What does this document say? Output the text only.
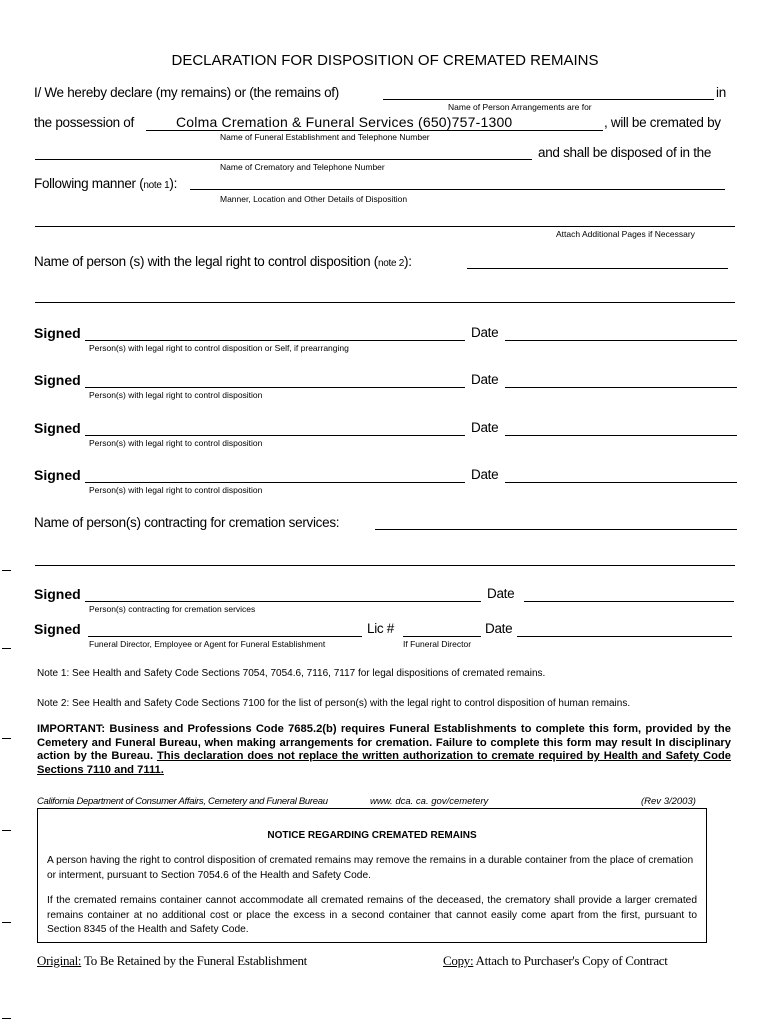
DECLARATION FOR DISPOSITION OF CREMATED REMAINS
I/ We hereby declare (my remains) or (the remains of)	in
Name of Person Arrangements are for
the possession of	Colma Cremation & Funeral Services (650)757-1300	, will be cremated by
Name of Funeral Establishment and Telephone Number
and shall be disposed of in the
Name of Crematory and Telephone Number
Following manner (note 1):
Manner, Location and Other Details of Disposition
Attach Additional Pages if Necessary
Name of person (s) with the legal right to control disposition (note 2):
Signed	Date
Person(s) with legal right to control disposition or Self, if prearranging
Signed	Date
Person(s) with legal right to control disposition
Signed	Date
Person(s) with legal right to control disposition
Signed	Date
Person(s) with legal right to control disposition
Name of person(s) contracting for cremation services:
Signed	Date
Person(s) contracting for cremation services
Signed	Lic #	Date
Funeral Director, Employee or Agent for Funeral Establishment	If Funeral Director
Note 1: See Health and Safety Code Sections 7054, 7054.6, 7116, 7117 for legal dispositions of cremated remains.
Note 2: See Health and Safety Code Sections 7100 for the list of person(s) with the legal right to control disposition of human remains.
IMPORTANT: Business and Professions Code 7685.2(b) requires Funeral Establishments to complete this form, provided by the Cemetery and Funeral Bureau, when making arrangements for cremation. Failure to complete this form may result In disciplinary action by the Bureau. This declaration does not replace the written authorization to cremate required by Health and Safety Code Sections 7110 and 7111.
California Department of Consumer Affairs, Cemetery and Funeral Bureau	www. dca. ca. gov/cemetery	(Rev 3/2003)
NOTICE REGARDING CREMATED REMAINS
A person having the right to control disposition of cremated remains may remove the remains in a durable container from the place of cremation or interment, pursuant to Section 7054.6 of the Health and Safety Code.
If the cremated remains container cannot accommodate all cremated remains of the deceased, the crematory shall provide a larger cremated remains container at no additional cost or place the excess in a second container that cannot easily come apart from the first, pursuant to Section 8345 of the Health and Safety Code.
Original: To Be Retained by the Funeral Establishment	Copy: Attach to Purchaser's Copy of Contract
